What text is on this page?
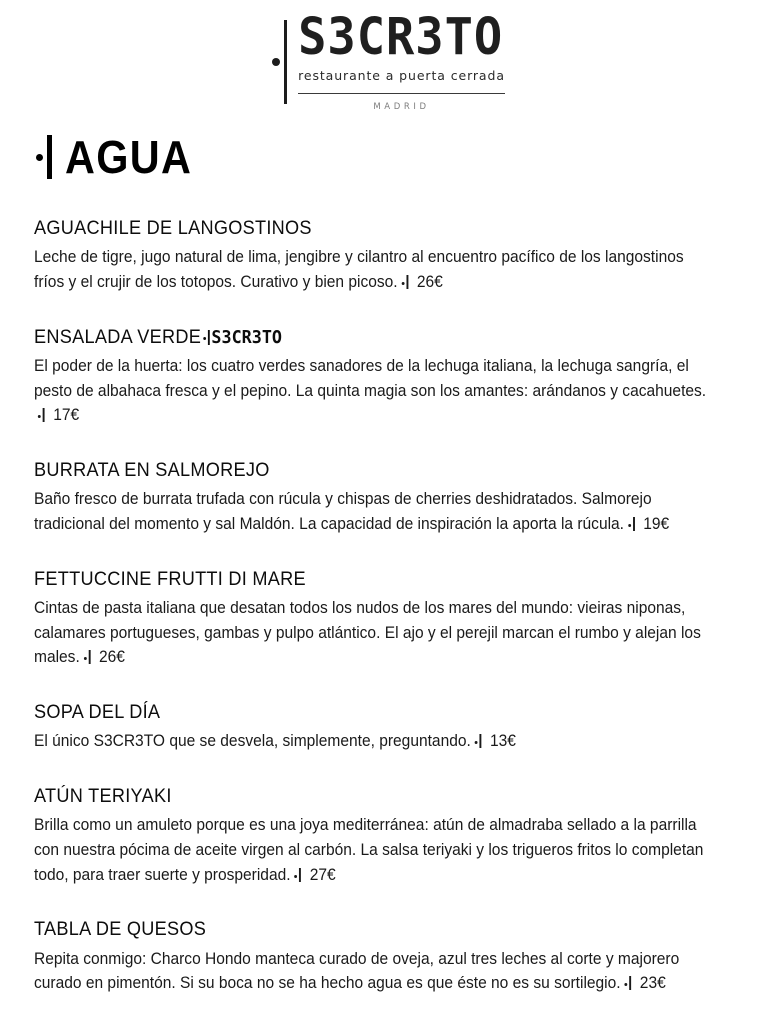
S3CR3TO
restaurante a puerta cerrada
MADRID
AGUA
AGUACHILE DE LANGOSTINOS
Leche de tigre, jugo natural de lima, jengibre y cilantro al encuentro pacífico de los langostinos fríos y el crujir de los totopos. Curativo y bien picoso. 26€
ENSALADA VERDE S3CR3TO
El poder de la huerta: los cuatro verdes sanadores de la lechuga italiana, la lechuga sangría, el pesto de albahaca fresca y el pepino. La quinta magia son los amantes: arándanos y cacahuetes.17€
BURRATA EN SALMOREJO
Baño fresco de burrata trufada con rúcula y chispas de cherries deshidratados. Salmorejo tradicional del momento y sal Maldón. La capacidad de inspiración la aporta la rúcula. 19€
FETTUCCINE FRUTTI DI MARE
Cintas de pasta italiana que desatan todos los nudos de los mares del mundo: vieiras niponas, calamares portugueses, gambas y pulpo atlántico. El ajo y el perejil marcan el rumbo y alejan los males. 26€
SOPA DEL DÍA
El único S3CR3TO que se desvela, simplemente, preguntando. 13€
ATÚN TERIYAKI
Brilla como un amuleto porque es una joya mediterránea: atún de almadraba sellado a la parrilla con nuestra pócima de aceite virgen al carbón. La salsa teriyaki y los trigueros fritos lo completan todo, para traer suerte y prosperidad. 27€
TABLA DE QUESOS
Repita conmigo: Charco Hondo manteca curado de oveja, azul tres leches al corte y majorero curado en pimentón. Si su boca no se ha hecho agua es que éste no es su sortilegio. 23€
